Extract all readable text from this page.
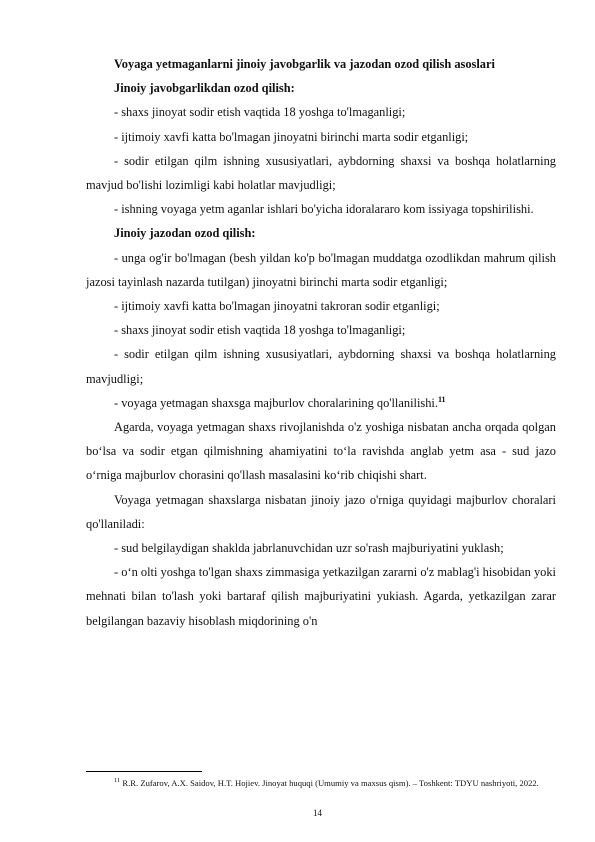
Voyaga yetmaganlarni jinoiy javobgarlik va jazodan ozod qilish asoslari

Jinoiy javobgarlikdan ozod qilish:

- shaxs jinoyat sodir etish vaqtida 18 yoshga to'lmaganligi;

- ijtimoiy xavfi katta bo'lmagan jinoyatni birinchi marta sodir etganligi;

- sodir etilgan qilm ishning xususiyatlari, aybdorning shaxsi va boshqa holatlarning mavjud bo'lishi lozimligi kabi holatlar mavjudligi;

- ishning voyaga yetm aganlar ishlari bo'yicha idoralararo kom issiyaga topshirilishi.

Jinoiy jazodan ozod qilish:

- unga og'ir bo'lmagan (besh yildan ko'p bo'lmagan muddatga ozodlikdan mahrum qilish jazosi tayinlash nazarda tutilgan) jinoyatni birinchi marta sodir etganligi;

- ijtimoiy xavfi katta bo'lmagan jinoyatni takroran sodir etganligi;

- shaxs jinoyat sodir etish vaqtida 18 yoshga to'lmaganligi;

- sodir etilgan qilm ishning xususiyatlari, aybdorning shaxsi va boshqa holatlarning mavjudligi;

- voyaga yetmagan shaxsga majburlov choralarining qo'llanilishi.$^{11}$

Agarda, voyaga yetmagan shaxs rivojlanishda o'z yoshiga nisbatan ancha orqada qolgan bo‘lsa va sodir etgan qilmishning ahamiyatini to‘la ravishda anglab yetm asa - sud jazo o‘rniga majburlov chorasini qo'llash masalasini ko‘rib chiqishi shart.

Voyaga yetmagan shaxslarga nisbatan jinoiy jazo o'rniga quyidagi majburlov choralari qo'llaniladi:

- sud belgilaydigan shaklda jabrlanuvchidan uzr so'rash majburiyatini yuklash;

- o‘n olti yoshga to'lgan shaxs zimmasiga yetkazilgan zararni o'z mablag'i hisobidan yoki mehnati bilan to'lash yoki bartaraf qilish majburiyatini yukiash. Agarda, yetkazilgan zarar belgilangan bazaviy hisoblash miqdorining o'n

$^{11}$ R.R. Zufarov, A.X. Saidov, H.T. Hojiev. Jinoyat huquqi (Umumiy va maxsus qism). – Toshkent: TDYU nashriyoti, 2022.
14
